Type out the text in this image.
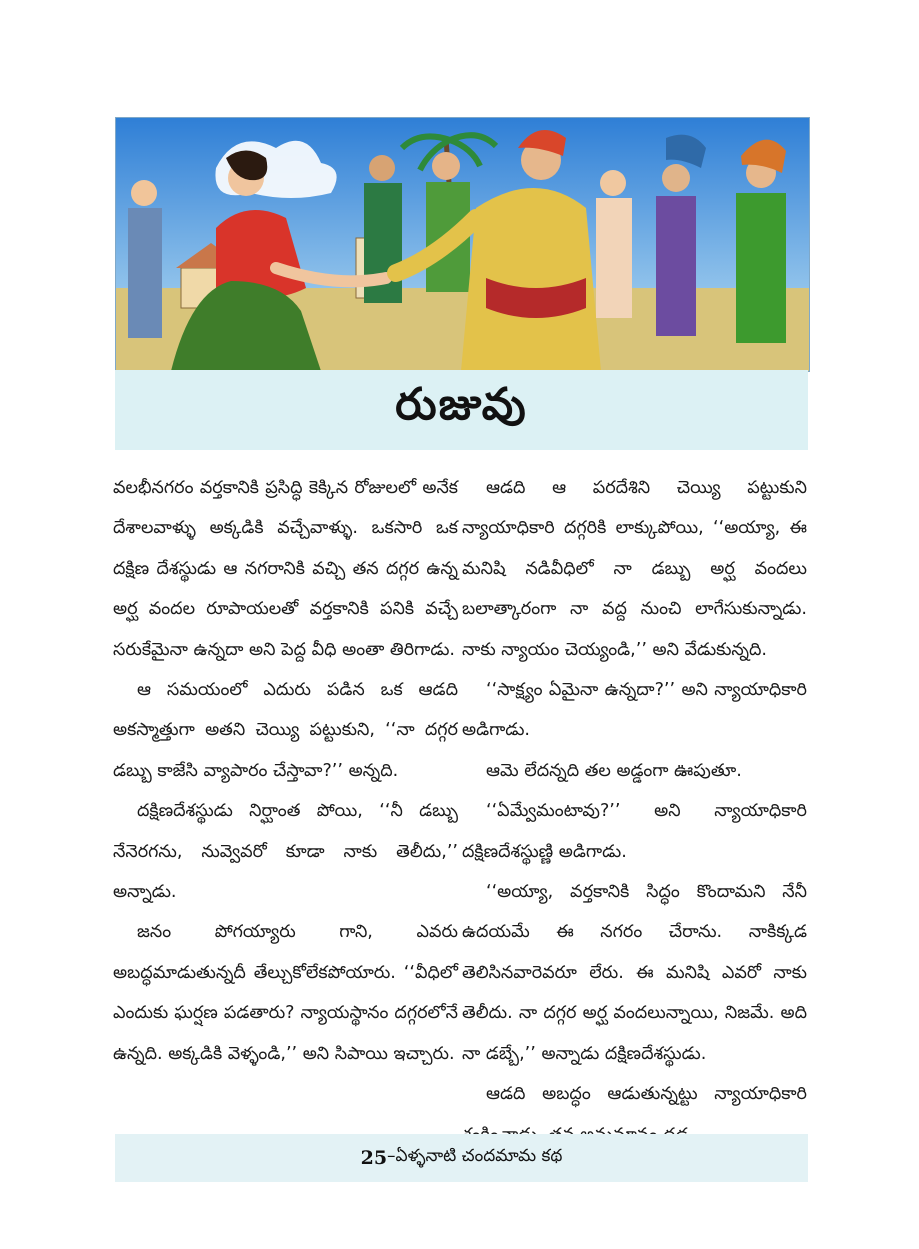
రుజువు

వలభీనగరం వర్తకానికి ప్రసిద్ధి కెక్కిన రోజులలో అనేక దేశాలవాళ్ళు అక్కడికి వచ్చేవాళ్ళు. ఒకసారి ఒక దక్షిణ దేశస్థుడు ఆ నగరానికి వచ్చి తన దగ్గర ఉన్న అర్ఘ వందల రూపాయలతో వర్తకానికి పనికి వచ్చే సరుకేమైనా ఉన్నదా అని పెద్ద వీధి అంతా తిరిగాడు.

ఆ సమయంలో ఎదురు పడిన ఒక ఆడది అకస్మాత్తుగా అతని చెయ్యి పట్టుకుని, ‘‘నా దగ్గర డబ్బు కాజేసి వ్యాపారం చేస్తావా?’’ అన్నది.

దక్షిణదేశస్థుడు నిర్ఘాంత పోయి, ‘‘నీ డబ్బు నేనెరగను, నువ్వెవరో కూడా నాకు తెలీదు,’’ అన్నాడు.

జనం పోగయ్యారు గాని, ఎవరు అబద్ధమాడుతున్నదీ తేల్చుకోలేకపోయారు. ‘‘వీధిలో ఎందుకు ఘర్షణ పడతారు? న్యాయస్థానం దగ్గరలోనే ఉన్నది. అక్కడికి వెళ్ళండి,’’ అని సిపాయి ఇచ్చారు.

ఆడది ఆ పరదేశిని చెయ్యి పట్టుకుని న్యాయాధికారి దగ్గరికి లాక్కుపోయి, ‘‘అయ్యా, ఈ మనిషి నడివీధిలో నా డబ్బు అర్ఘ వందలు బలాత్కారంగా నా వద్ద నుంచి లాగేసుకున్నాడు. నాకు న్యాయం చెయ్యండి,’’ అని వేడుకున్నది.

‘‘సాక్ష్యం ఏమైనా ఉన్నదా?’’ అని న్యాయాధికారి అడిగాడు.

ఆమె లేదన్నది తల అడ్డంగా ఊపుతూ.

‘‘ఏమ్వేమంటావు?’’ అని న్యాయాధికారి దక్షిణదేశస్థుణ్ణి అడిగాడు.

‘‘అయ్యా, వర్తకానికి సిద్ధం కొందామని నేనీ ఉదయమే ఈ నగరం చేరాను. నాకిక్కడ తెలిసినవారెవరూ లేరు. ఈ మనిషి ఎవరో నాకు తెలీదు. నా దగ్గర అర్ఘ వందలున్నాయి, నిజమే. అది నా డబ్బే,’’ అన్నాడు దక్షిణదేశస్థుడు.

ఆడది అబద్ధం ఆడుతున్నట్టు న్యాయాధికారి

25 –ఏళ్ళనాటి చందమామ కథ
